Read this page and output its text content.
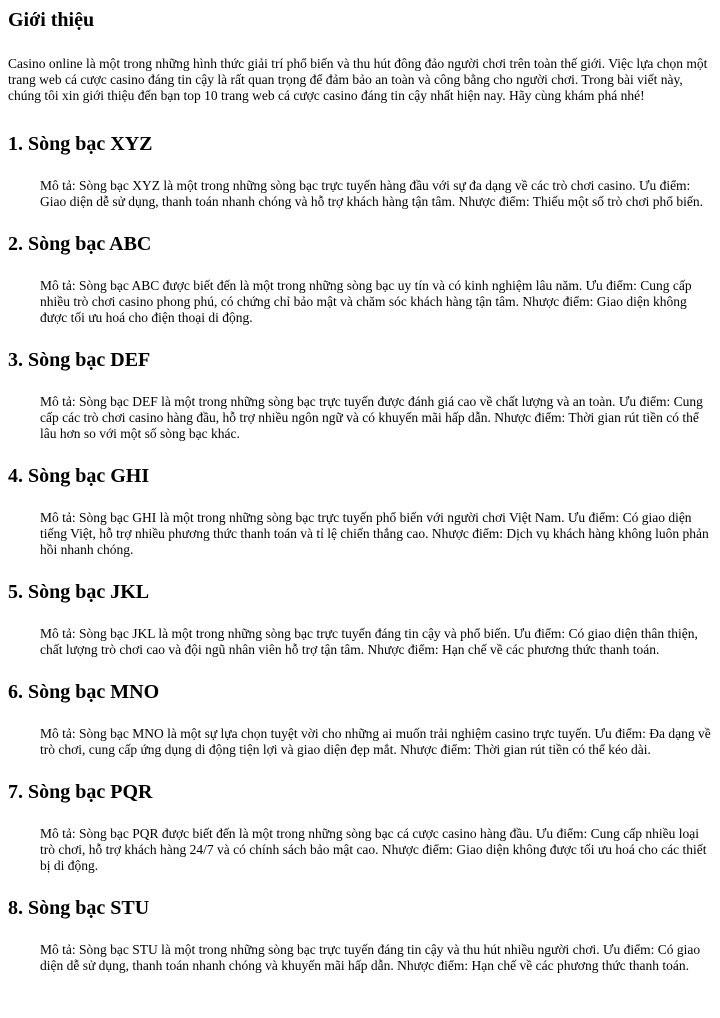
Giới thiệu

Casino online là một trong những hình thức giải trí phổ biến và thu hút đông đảo người chơi trên toàn thế giới. Việc lựa chọn một trang web cá cược casino đáng tin cậy là rất quan trọng để đảm bảo an toàn và công bằng cho người chơi. Trong bài viết này, chúng tôi xin giới thiệu đến bạn top 10 trang web cá cược casino đáng tin cậy nhất hiện nay. Hãy cùng khám phá nhé!

1. Sòng bạc XYZ

Mô tả: Sòng bạc XYZ là một trong những sòng bạc trực tuyến hàng đầu với sự đa dạng về các trò chơi casino. Ưu điểm: Giao diện dễ sử dụng, thanh toán nhanh chóng và hỗ trợ khách hàng tận tâm. Nhược điểm: Thiếu một số trò chơi phổ biến.

2. Sòng bạc ABC

Mô tả: Sòng bạc ABC được biết đến là một trong những sòng bạc uy tín và có kinh nghiệm lâu năm. Ưu điểm: Cung cấp nhiều trò chơi casino phong phú, có chứng chỉ bảo mật và chăm sóc khách hàng tận tâm. Nhược điểm: Giao diện không được tối ưu hoá cho điện thoại di động.

3. Sòng bạc DEF

Mô tả: Sòng bạc DEF là một trong những sòng bạc trực tuyến được đánh giá cao về chất lượng và an toàn. Ưu điểm: Cung cấp các trò chơi casino hàng đầu, hỗ trợ nhiều ngôn ngữ và có khuyến mãi hấp dẫn. Nhược điểm: Thời gian rút tiền có thể lâu hơn so với một số sòng bạc khác.

4. Sòng bạc GHI

Mô tả: Sòng bạc GHI là một trong những sòng bạc trực tuyến phổ biến với người chơi Việt Nam. Ưu điểm: Có giao diện tiếng Việt, hỗ trợ nhiều phương thức thanh toán và tỉ lệ chiến thắng cao. Nhược điểm: Dịch vụ khách hàng không luôn phản hồi nhanh chóng.

5. Sòng bạc JKL

Mô tả: Sòng bạc JKL là một trong những sòng bạc trực tuyến đáng tin cậy và phổ biến. Ưu điểm: Có giao diện thân thiện, chất lượng trò chơi cao và đội ngũ nhân viên hỗ trợ tận tâm. Nhược điểm: Hạn chế về các phương thức thanh toán.

6. Sòng bạc MNO

Mô tả: Sòng bạc MNO là một sự lựa chọn tuyệt vời cho những ai muốn trải nghiệm casino trực tuyến. Ưu điểm: Đa dạng về trò chơi, cung cấp ứng dụng di động tiện lợi và giao diện đẹp mắt. Nhược điểm: Thời gian rút tiền có thể kéo dài.

7. Sòng bạc PQR

Mô tả: Sòng bạc PQR được biết đến là một trong những sòng bạc cá cược casino hàng đầu. Ưu điểm: Cung cấp nhiều loại trò chơi, hỗ trợ khách hàng 24/7 và có chính sách bảo mật cao. Nhược điểm: Giao diện không được tối ưu hoá cho các thiết bị di động.

8. Sòng bạc STU

Mô tả: Sòng bạc STU là một trong những sòng bạc trực tuyến đáng tin cậy và thu hút nhiều người chơi. Ưu điểm: Có giao diện dễ sử dụng, thanh toán nhanh chóng và khuyến mãi hấp dẫn. Nhược điểm: Hạn chế về các phương thức thanh toán.
